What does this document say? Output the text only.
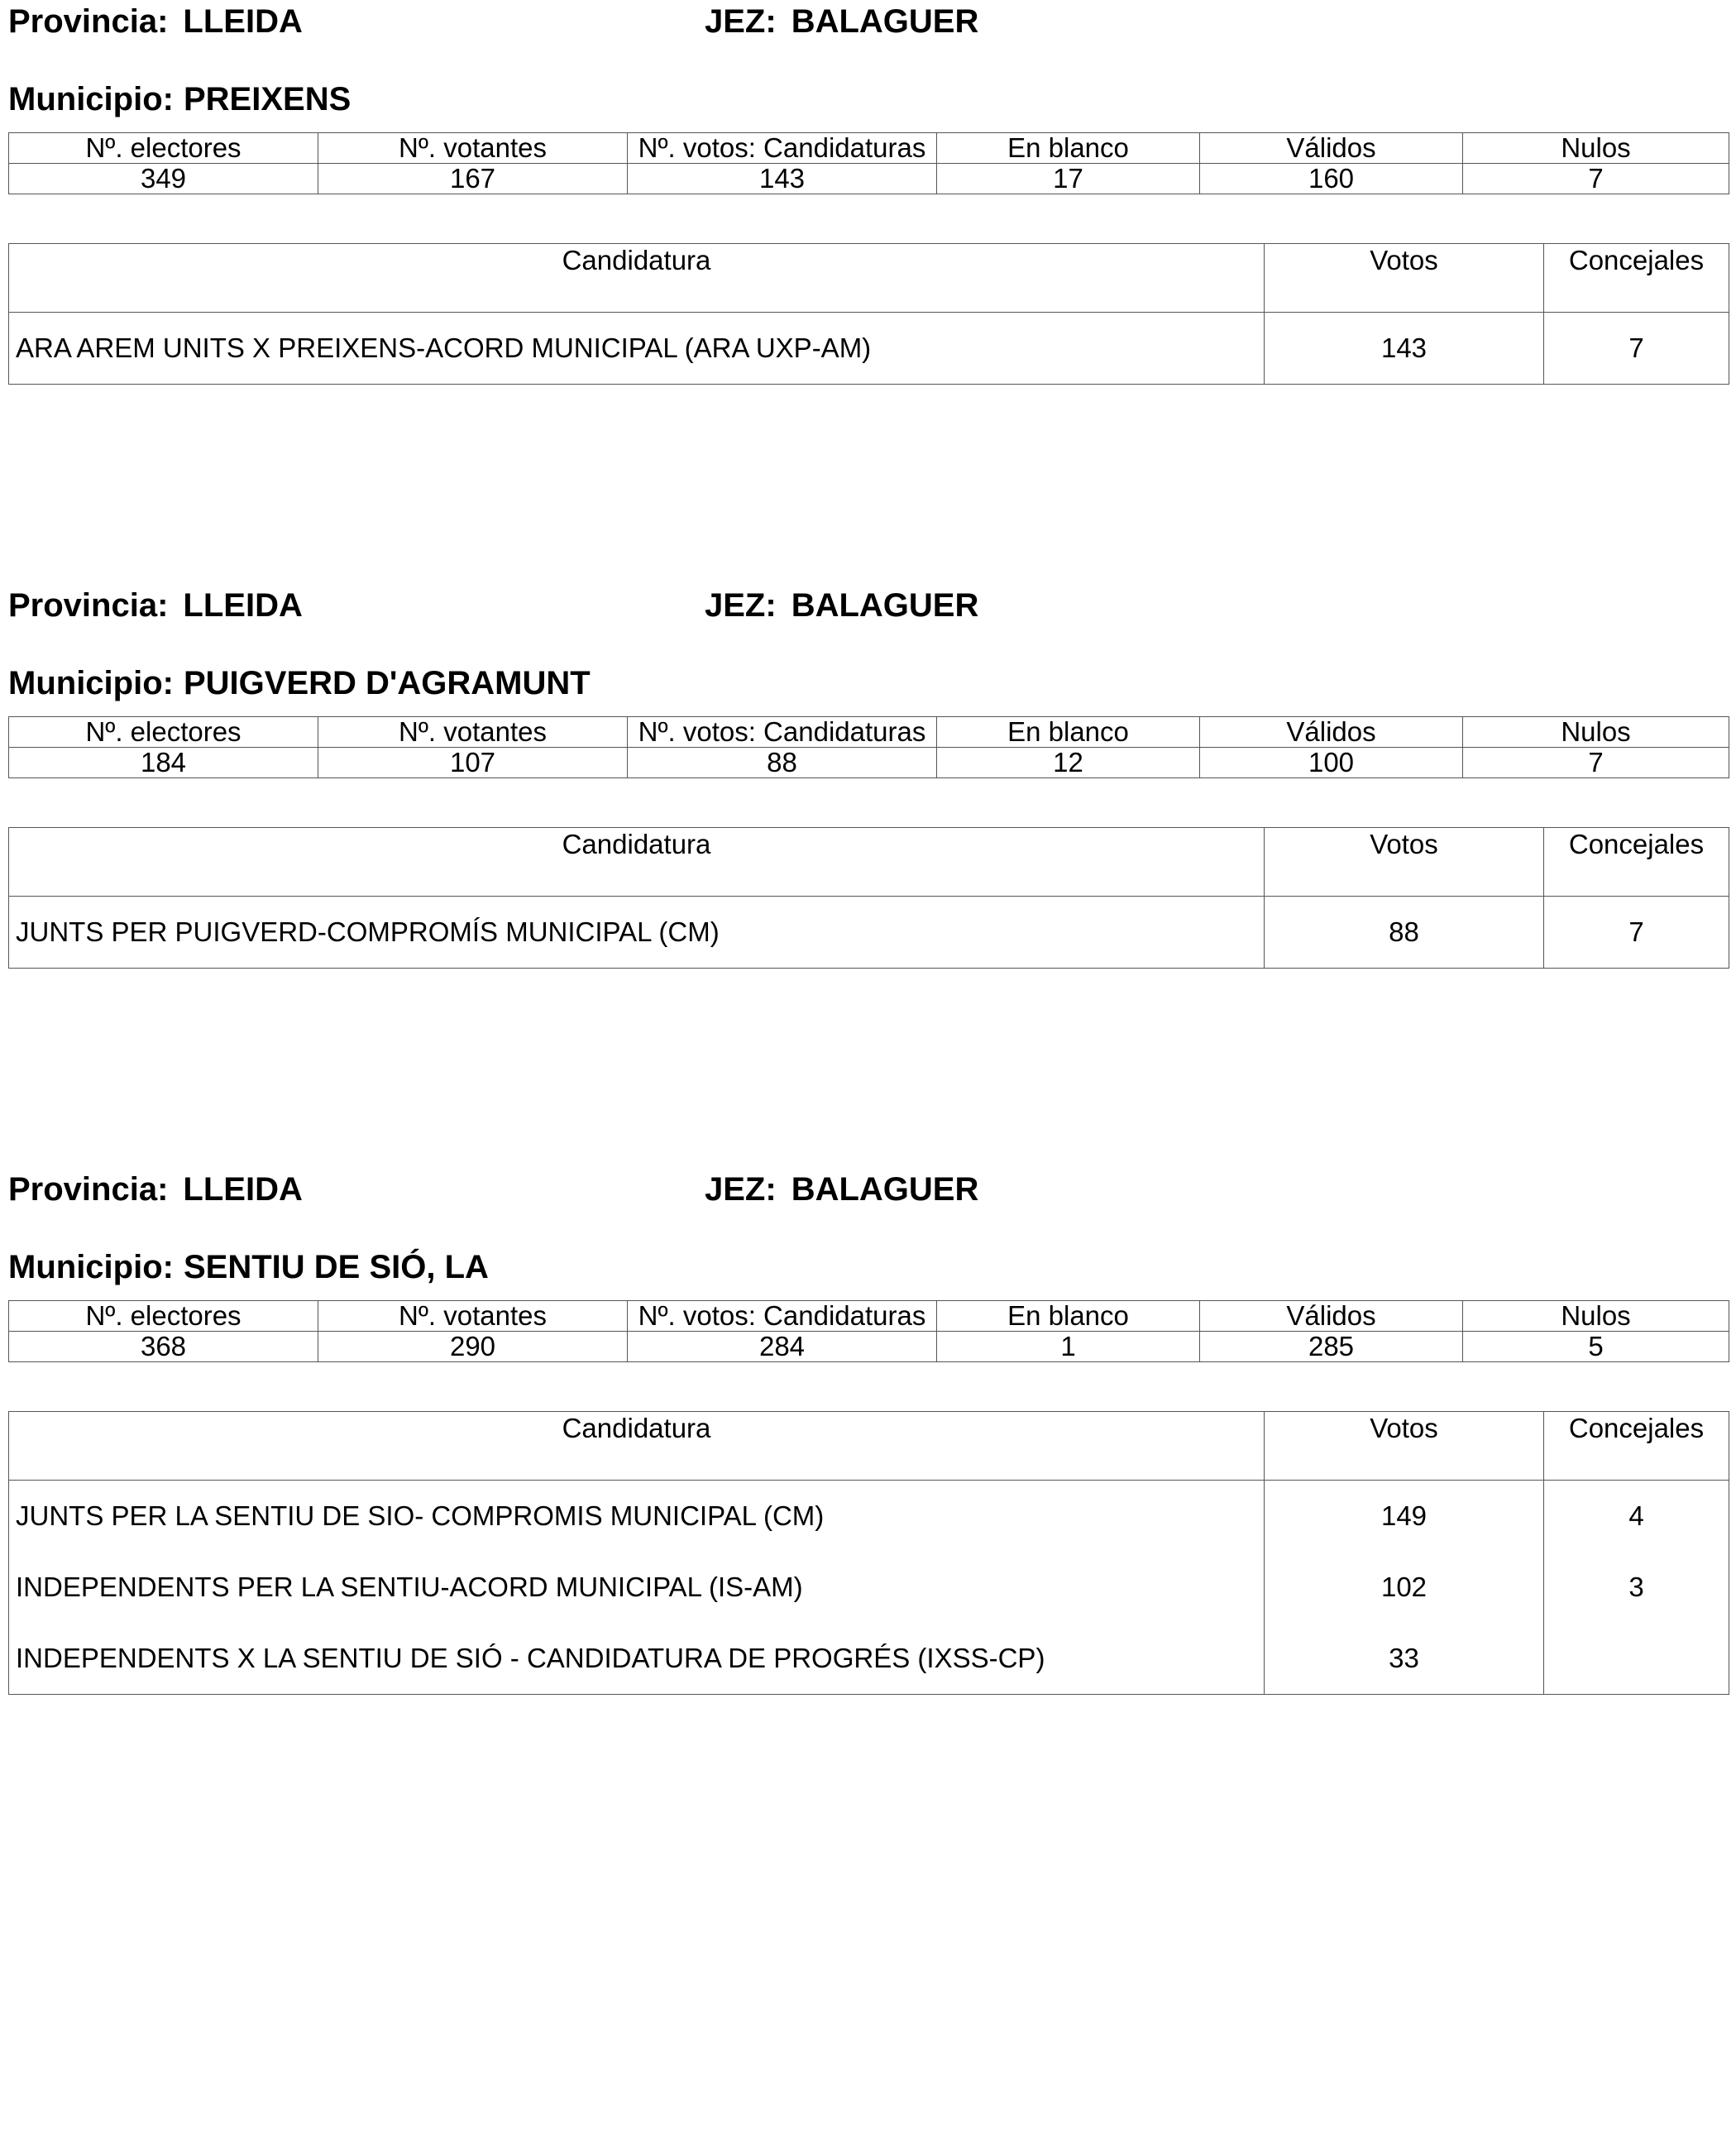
Provincia: LLEIDA	JEZ: BALAGUER
Municipio: PREIXENS
Nº. electores	Nº. votantes	Nº. votos: Candidaturas	En blanco	Válidos	Nulos
349	167	143	17	160	7
Candidatura	Votos	Concejales
ARA AREM UNITS X PREIXENS-ACORD MUNICIPAL (ARA UXP-AM)	143	7
Provincia: LLEIDA	JEZ: BALAGUER
Municipio: PUIGVERD D'AGRAMUNT
Nº. electores	Nº. votantes	Nº. votos: Candidaturas	En blanco	Válidos	Nulos
184	107	88	12	100	7
Candidatura	Votos	Concejales
JUNTS PER PUIGVERD-COMPROMÍS MUNICIPAL (CM)	88	7
Provincia: LLEIDA	JEZ: BALAGUER
Municipio: SENTIU DE SIÓ, LA
Nº. electores	Nº. votantes	Nº. votos: Candidaturas	En blanco	Válidos	Nulos
368	290	284	1	285	5
Candidatura	Votos	Concejales
JUNTS PER LA SENTIU DE SIO- COMPROMIS MUNICIPAL (CM)	149	4
INDEPENDENTS PER LA SENTIU-ACORD MUNICIPAL (IS-AM)	102	3
INDEPENDENTS X LA SENTIU DE SIÓ - CANDIDATURA DE PROGRÉS (IXSS-CP)	33	
